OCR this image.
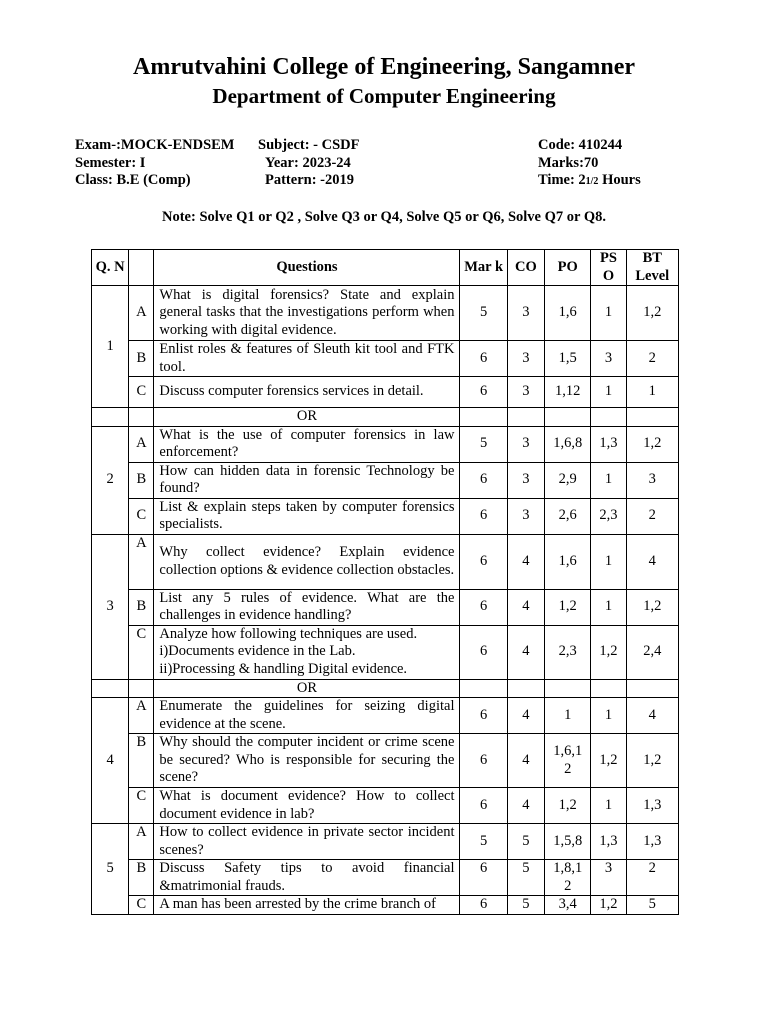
Amrutvahini College of Engineering, Sangamner
Department of Computer Engineering
Exam-:MOCK-ENDSEM
Semester: I
Class: B.E (Comp)
Subject: - CSDF
Year: 2023-24
Pattern: -2019
Code: 410244
Marks:70
Time: 21/2 Hours
Note: Solve Q1 or Q2 , Solve Q3 or Q4, Solve Q5 or Q6, Solve Q7 or Q8.
Q. N		Questions	Mar k	CO	PO	PS O	BT Level
1	A	What is digital forensics? State and explain general tasks that the investigations perform when working with digital evidence.	5	3	1,6	1	1,2
	B	Enlist roles & features of Sleuth kit tool and FTK tool.	6	3	1,5	3	2
	C	Discuss computer forensics services in detail.	6	3	1,12	1	1
		OR					
2	A	What is the use of computer forensics in law enforcement?	5	3	1,6,8	1,3	1,2
	B	How can hidden data in forensic Technology be found?	6	3	2,9	1	3
	C	List & explain steps taken by computer forensics specialists.	6	3	2,6	2,3	2
3	A	Why collect evidence? Explain evidence collection options & evidence collection obstacles.	6	4	1,6	1	4
	B	List any 5 rules of evidence. What are the challenges in evidence handling?	6	4	1,2	1	1,2
	C	Analyze how following techniques are used.
i)Documents evidence in the Lab.
ii)Processing & handling Digital evidence.	6	4	2,3	1,2	2,4
		OR					
4	A	Enumerate the guidelines for seizing digital evidence at the scene.	6	4	1	1	4
	B	Why should the computer incident or crime scene be secured? Who is responsible for securing the scene?	6	4	1,6,1 2	1,2	1,2
	C	What is document evidence? How to collect document evidence in lab?	6	4	1,2	1	1,3
5	A	How to collect evidence in private sector incident scenes?	5	5	1,5,8	1,3	1,3
	B	Discuss Safety tips to avoid financial &matrimonial frauds.	6	5	1,8,1 2	3	2
	C	A man has been arrested by the crime branch of	6	5	3,4	1,2	5
